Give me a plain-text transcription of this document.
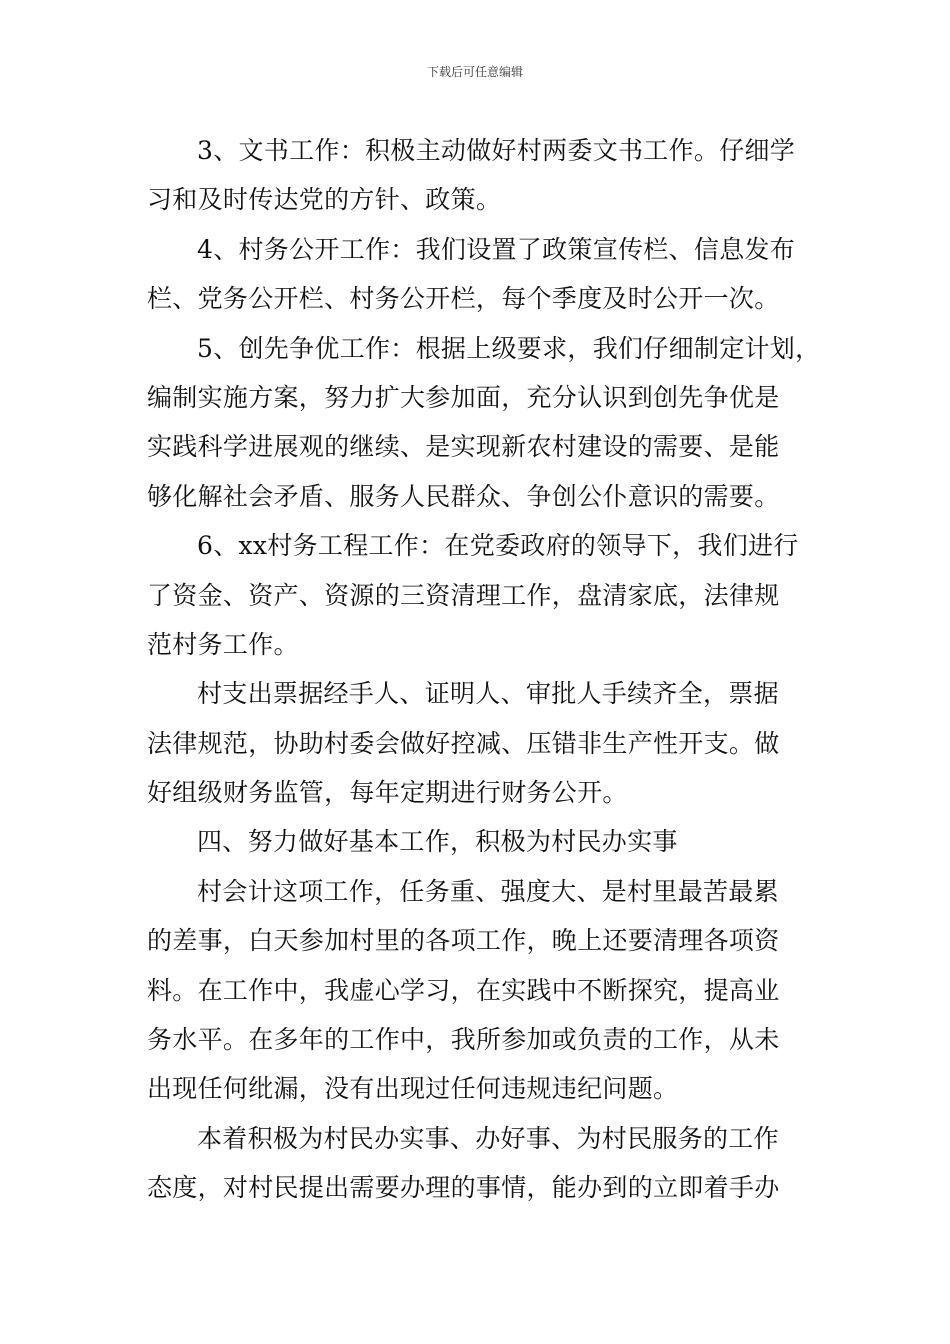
下载后可任意编辑
3、文书工作：积极主动做好村两委文书工作。仔细学
习和及时传达党的方针、政策。
4、村务公开工作：我们设置了政策宣传栏、信息发布
栏、党务公开栏、村务公开栏，每个季度及时公开一次。
5、创先争优工作：根据上级要求，我们仔细制定计划，
编制实施方案，努力扩大参加面，充分认识到创先争优是
实践科学进展观的继续、是实现新农村建设的需要、是能
够化解社会矛盾、服务人民群众、争创公仆意识的需要。
6、xx村务工程工作：在党委政府的领导下，我们进行
了资金、资产、资源的三资清理工作，盘清家底，法律规
范村务工作。
村支出票据经手人、证明人、审批人手续齐全，票据
法律规范，协助村委会做好控减、压错非生产性开支。做
好组级财务监管，每年定期进行财务公开。
四、努力做好基本工作，积极为村民办实事
村会计这项工作，任务重、强度大、是村里最苦最累
的差事，白天参加村里的各项工作，晚上还要清理各项资
料。在工作中，我虚心学习，在实践中不断探究，提高业
务水平。在多年的工作中，我所参加或负责的工作，从未
出现任何纰漏，没有出现过任何违规违纪问题。
本着积极为村民办实事、办好事、为村民服务的工作
态度，对村民提出需要办理的事情，能办到的立即着手办
